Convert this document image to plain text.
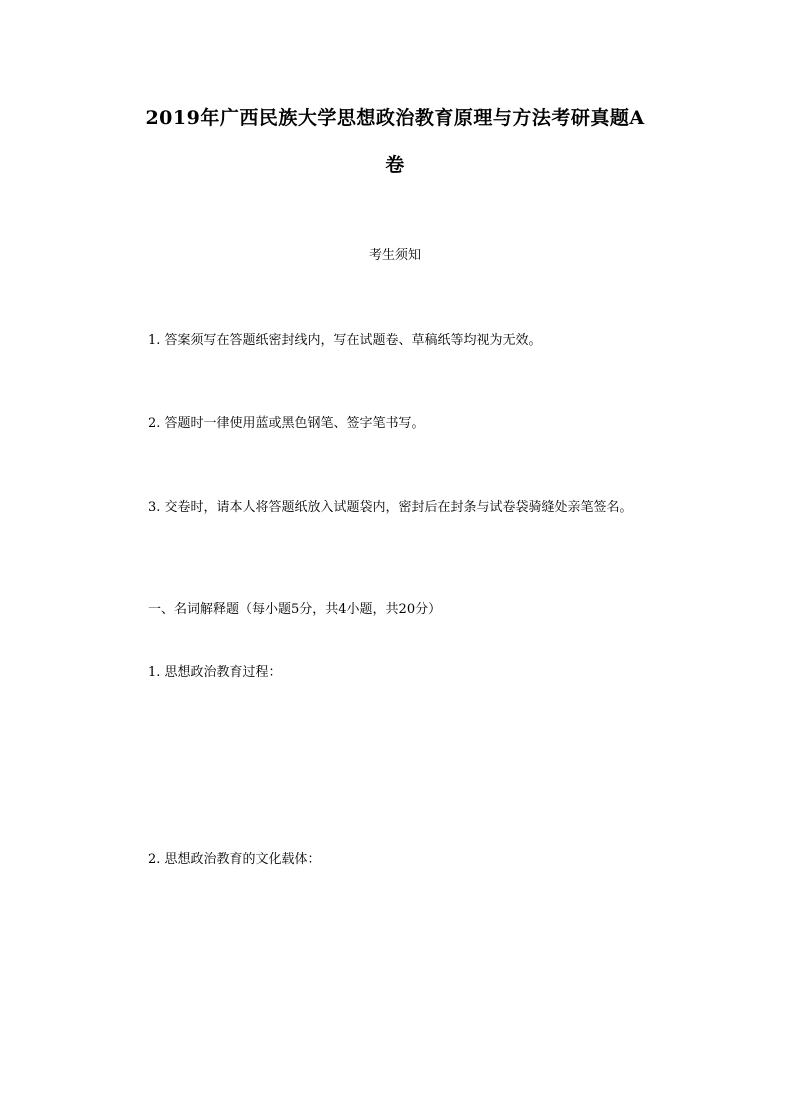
2019年广西民族大学思想政治教育原理与方法考研真题A
卷
考生须知
1. 答案须写在答题纸密封线内，写在试题卷、草稿纸等均视为无效。
2. 答题时一律使用蓝或黑色钢笔、签字笔书写。
3. 交卷时，请本人将答题纸放入试题袋内，密封后在封条与试卷袋骑缝处亲笔签名。
一、名词解释题（每小题5分，共4小题，共20分）
1. 思想政治教育过程：
2. 思想政治教育的文化载体：
